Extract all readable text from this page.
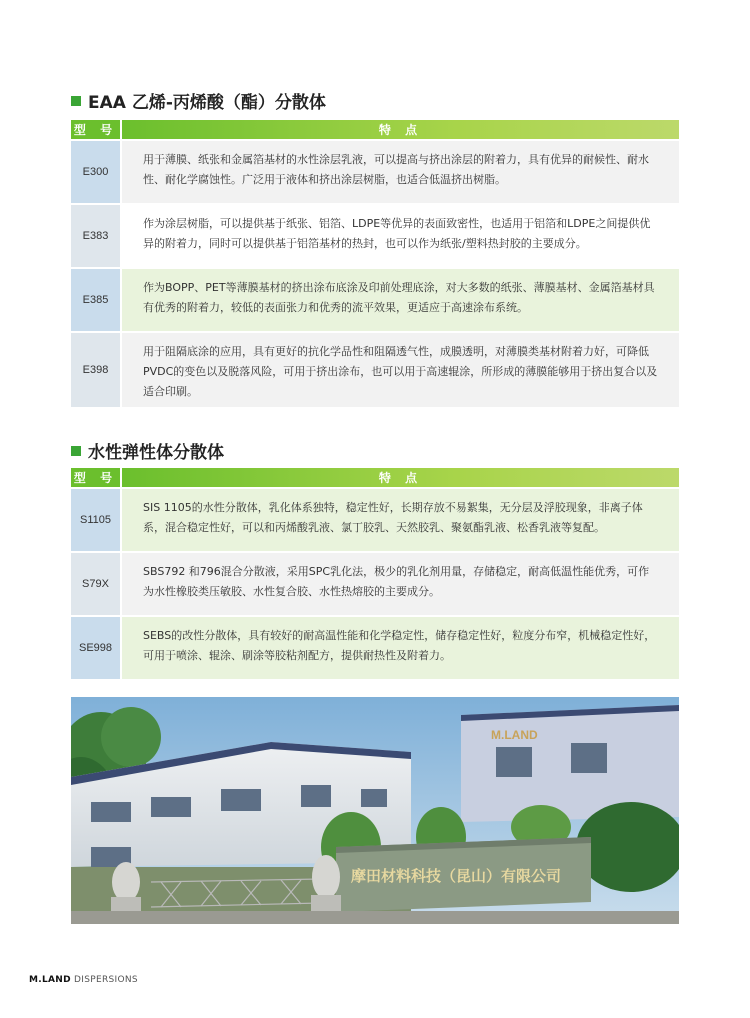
EAA 乙烯-丙烯酸（酯）分散体
型 号	特 点
E300
用于薄膜、纸张和金属箔基材的水性涂层乳液，可以提高与挤出涂层的附着力，具有优异的耐候性、耐水性、耐化学腐蚀性。广泛用于液体和挤出涂层树脂，也适合低温挤出树脂。
E383
作为涂层树脂，可以提供基于纸张、铝箔、LDPE等优异的表面致密性，也适用于铝箔和LDPE之间提供优异的附着力，同时可以提供基于铝箔基材的热封，也可以作为纸张/塑料热封胶的主要成分。
E385
作为BOPP、PET等薄膜基材的挤出涂布底涂及印前处理底涂，对大多数的纸张、薄膜基材、金属箔基材具有优秀的附着力，较低的表面张力和优秀的流平效果，更适应于高速涂布系统。
E398
用于阻隔底涂的应用，具有更好的抗化学品性和阻隔透气性，成膜透明，对薄膜类基材附着力好，可降低PVDC的变色以及脱落风险，可用于挤出涂布，也可以用于高速辊涂，所形成的薄膜能够用于挤出复合以及适合印刷。
水性弹性体分散体
型 号	特 点
S1105
SIS 1105的水性分散体，乳化体系独特，稳定性好，长期存放不易絮集，无分层及浮胶现象，非离子体系，混合稳定性好，可以和丙烯酸乳液、氯丁胶乳、天然胶乳、聚氨酯乳液、松香乳液等复配。
S79X
SBS792 和796混合分散液，采用SPC乳化法，极少的乳化剂用量，存储稳定，耐高低温性能优秀，可作为水性橡胶类压敏胶、水性复合胶、水性热熔胶的主要成分。
SE998
SEBS的改性分散体，具有较好的耐高温性能和化学稳定性，储存稳定性好，粒度分布窄，机械稳定性好，可用于喷涂、辊涂、刷涂等胶粘剂配方，提供耐热性及附着力。
M.LAND
摩田材料科技（昆山）有限公司
M.LAND DISPERSIONS
